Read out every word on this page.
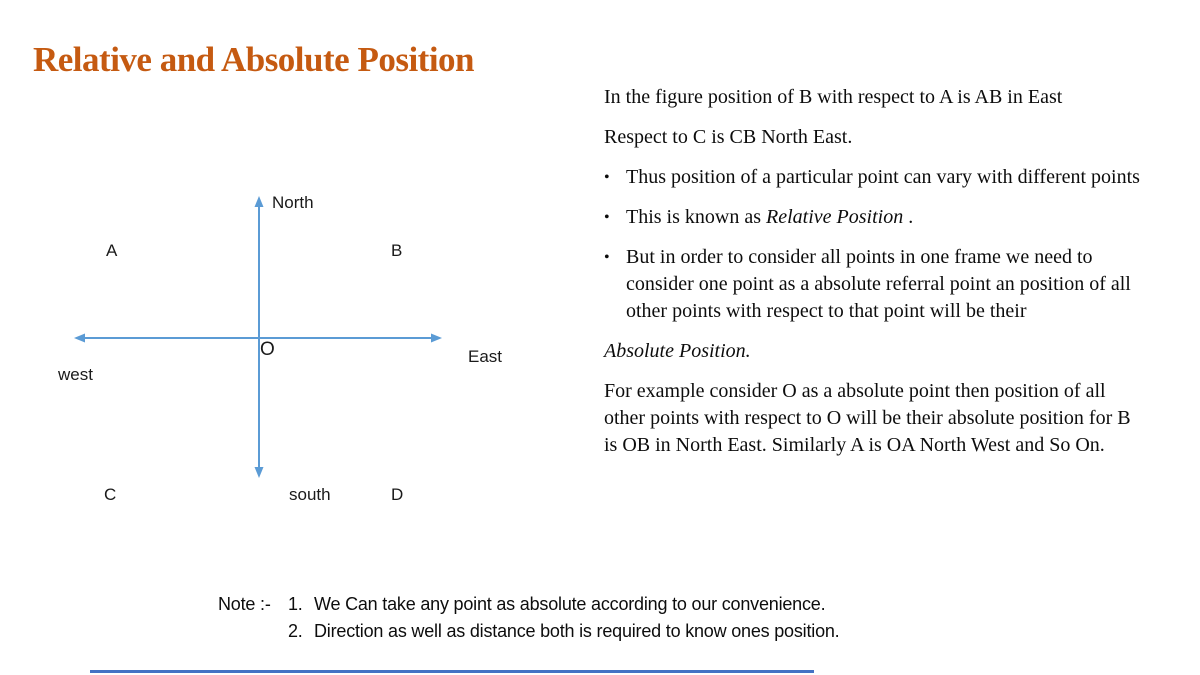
Relative and Absolute Position
North
A	B
O	East
west
C	south	D

In the figure position of B with respect to A is AB in East

Respect to C is CB North East.

• Thus position of a particular point can vary with different points
• This is known as Relative Position .
• But in order to consider all points in one frame we need to consider one point as a absolute referral point an position of all other points with respect to that point will be their

Absolute Position.

For example consider O as a absolute point then position of all other points with respect to O will be their absolute position for B is OB in North East. Similarly A is OA North West and So On.

Note :- 1. We Can take any point as absolute according to our convenience.
2. Direction as well as distance both is required to know ones position.
